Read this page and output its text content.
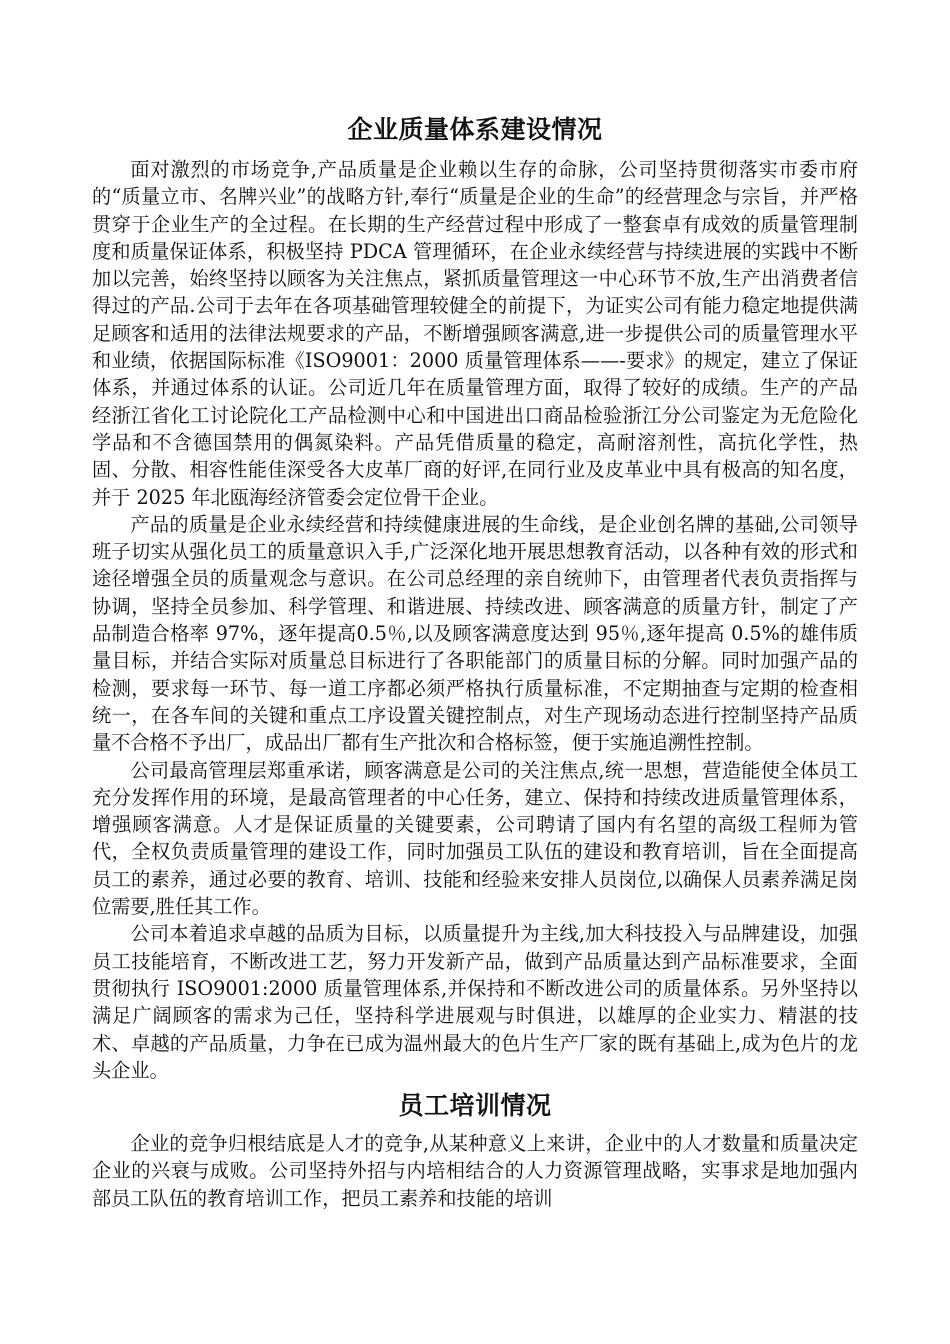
企业质量体系建设情况

面对激烈的市场竞争,产品质量是企业赖以生存的命脉，公司坚持贯彻落实市委市府的“质量立市、名牌兴业”的战略方针,奉行“质量是企业的生命”的经营理念与宗旨，并严格贯穿于企业生产的全过程。在长期的生产经营过程中形成了一整套卓有成效的质量管理制度和质量保证体系，积极坚持 PDCA 管理循环，在企业永续经营与持续进展的实践中不断加以完善，始终坚持以顾客为关注焦点，紧抓质量管理这一中心环节不放,生产出消费者信得过的产品.公司于去年在各项基础管理较健全的前提下，为证实公司有能力稳定地提供满足顾客和适用的法律法规要求的产品，不断增强顾客满意,进一步提供公司的质量管理水平和业绩，依据国际标准《ISO9001：2000 质量管理体系——-要求》的规定，建立了保证体系，并通过体系的认证。公司近几年在质量管理方面，取得了较好的成绩。生产的产品经浙江省化工讨论院化工产品检测中心和中国进出口商品检验浙江分公司鉴定为无危险化学品和不含德国禁用的偶氮染料。产品凭借质量的稳定，高耐溶剂性，高抗化学性，热固、分散、相容性能佳深受各大皮革厂商的好评,在同行业及皮革业中具有极高的知名度，并于 2025 年北瓯海经济管委会定位骨干企业。

产品的质量是企业永续经营和持续健康进展的生命线，是企业创名牌的基础,公司领导班子切实从强化员工的质量意识入手,广泛深化地开展思想教育活动，以各种有效的形式和途径增强全员的质量观念与意识。在公司总经理的亲自统帅下，由管理者代表负责指挥与协调，坚持全员参加、科学管理、和谐进展、持续改进、顾客满意的质量方针，制定了产品制造合格率 97%，逐年提高0.5％,以及顾客满意度达到 95％,逐年提高 0.5%的雄伟质量目标，并结合实际对质量总目标进行了各职能部门的质量目标的分解。同时加强产品的检测，要求每一环节、每一道工序都必须严格执行质量标准，不定期抽查与定期的检查相统一，在各车间的关键和重点工序设置关键控制点，对生产现场动态进行控制坚持产品质量不合格不予出厂，成品出厂都有生产批次和合格标签，便于实施追溯性控制。

公司最高管理层郑重承诺，顾客满意是公司的关注焦点,统一思想，营造能使全体员工充分发挥作用的环境，是最高管理者的中心任务，建立、保持和持续改进质量管理体系，增强顾客满意。人才是保证质量的关键要素，公司聘请了国内有名望的高级工程师为管代，全权负责质量管理的建设工作，同时加强员工队伍的建设和教育培训，旨在全面提高员工的素养，通过必要的教育、培训、技能和经验来安排人员岗位,以确保人员素养满足岗位需要,胜任其工作。

公司本着追求卓越的品质为目标，以质量提升为主线,加大科技投入与品牌建设，加强员工技能培育，不断改进工艺，努力开发新产品，做到产品质量达到产品标准要求，全面贯彻执行 ISO9001:2000 质量管理体系,并保持和不断改进公司的质量体系。另外坚持以满足广阔顾客的需求为己任，坚持科学进展观与时俱进，以雄厚的企业实力、精湛的技术、卓越的产品质量，力争在已成为温州最大的色片生产厂家的既有基础上,成为色片的龙头企业。

员工培训情况

企业的竞争归根结底是人才的竞争,从某种意义上来讲，企业中的人才数量和质量决定企业的兴衰与成败。公司坚持外招与内培相结合的人力资源管理战略，实事求是地加强内部员工队伍的教育培训工作，把员工素养和技能的培训
